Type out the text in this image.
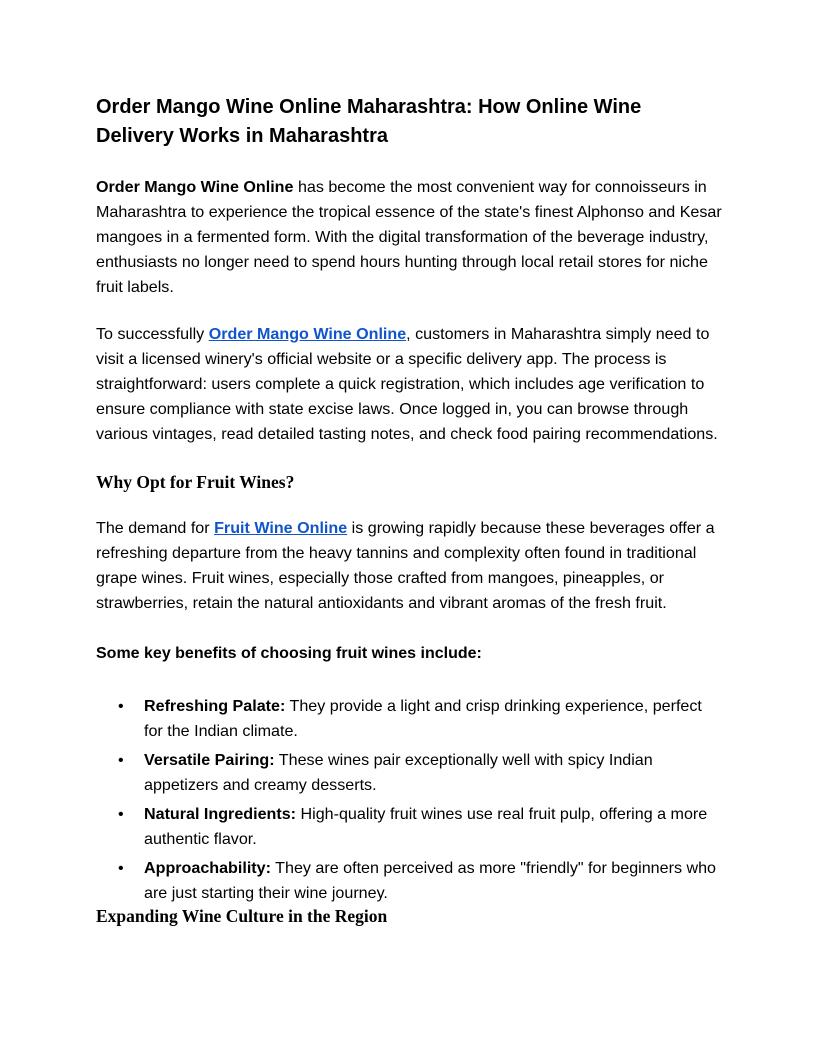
Order Mango Wine Online Maharashtra: How Online Wine Delivery Works in Maharashtra

Order Mango Wine Online has become the most convenient way for connoisseurs in Maharashtra to experience the tropical essence of the state's finest Alphonso and Kesar mangoes in a fermented form. With the digital transformation of the beverage industry, enthusiasts no longer need to spend hours hunting through local retail stores for niche fruit labels.

To successfully Order Mango Wine Online, customers in Maharashtra simply need to visit a licensed winery's official website or a specific delivery app. The process is straightforward: users complete a quick registration, which includes age verification to ensure compliance with state excise laws. Once logged in, you can browse through various vintages, read detailed tasting notes, and check food pairing recommendations.

Why Opt for Fruit Wines?

The demand for Fruit Wine Online is growing rapidly because these beverages offer a refreshing departure from the heavy tannins and complexity often found in traditional grape wines. Fruit wines, especially those crafted from mangoes, pineapples, or strawberries, retain the natural antioxidants and vibrant aromas of the fresh fruit.

Some key benefits of choosing fruit wines include:
• Refreshing Palate: They provide a light and crisp drinking experience, perfect for the Indian climate.
• Versatile Pairing: These wines pair exceptionally well with spicy Indian appetizers and creamy desserts.
• Natural Ingredients: High-quality fruit wines use real fruit pulp, offering a more authentic flavor.
• Approachability: They are often perceived as more "friendly" for beginners who are just starting their wine journey.
Expanding Wine Culture in the Region
